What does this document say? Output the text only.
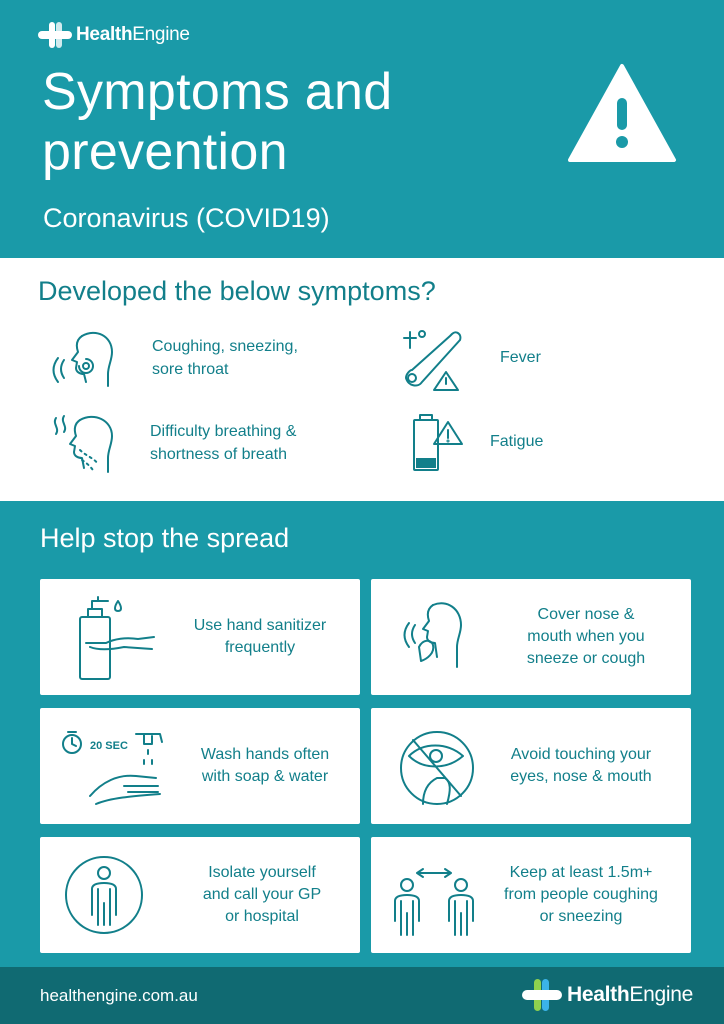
HealthEngine
Symptoms and
prevention
Coronavirus (COVID19)
Developed the below symptoms?
Coughing, sneezing,
sore throat
Fever
Difficulty breathing &
shortness of breath
Fatigue
Help stop the spread
Use hand sanitizer
frequently
Cover nose &
mouth when you
sneeze or cough
20 SEC	Wash hands often
with soap & water
Avoid touching your
eyes, nose & mouth
Isolate yourself
and call your GP
or hospital
Keep at least 1.5m+
from people coughing
or sneezing
healthengine.com.au	HealthEngine
